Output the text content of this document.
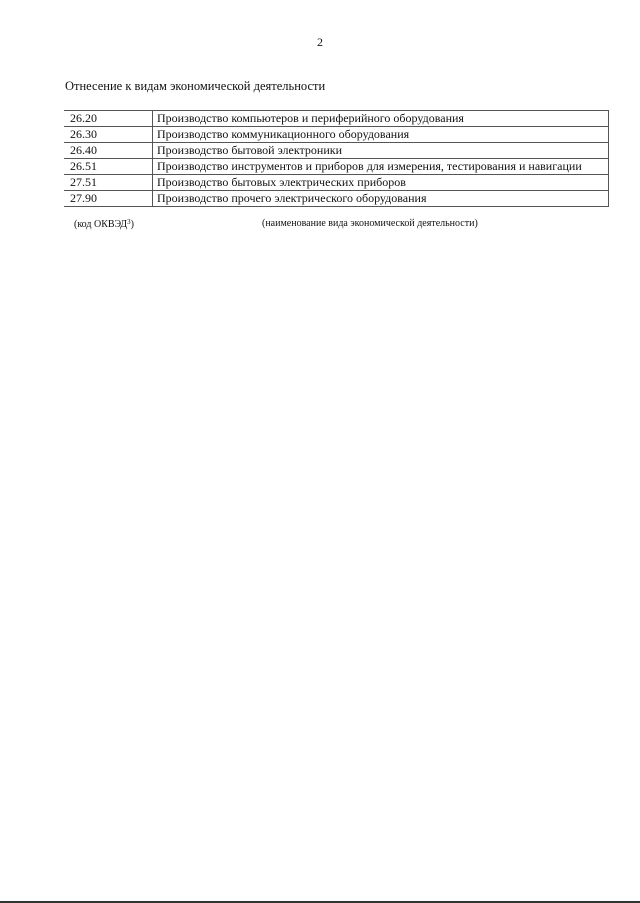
2
Отнесение к видам экономической деятельности
26.20	Производство компьютеров и периферийного оборудования
26.30	Производство коммуникационного оборудования
26.40	Производство бытовой электроники
26.51	Производство инструментов и приборов для измерения, тестирования и навигации
27.51	Производство бытовых электрических приборов
27.90	Производство прочего электрического оборудования
(код ОКВЭД$^3$)	(наименование вида экономической деятельности)
